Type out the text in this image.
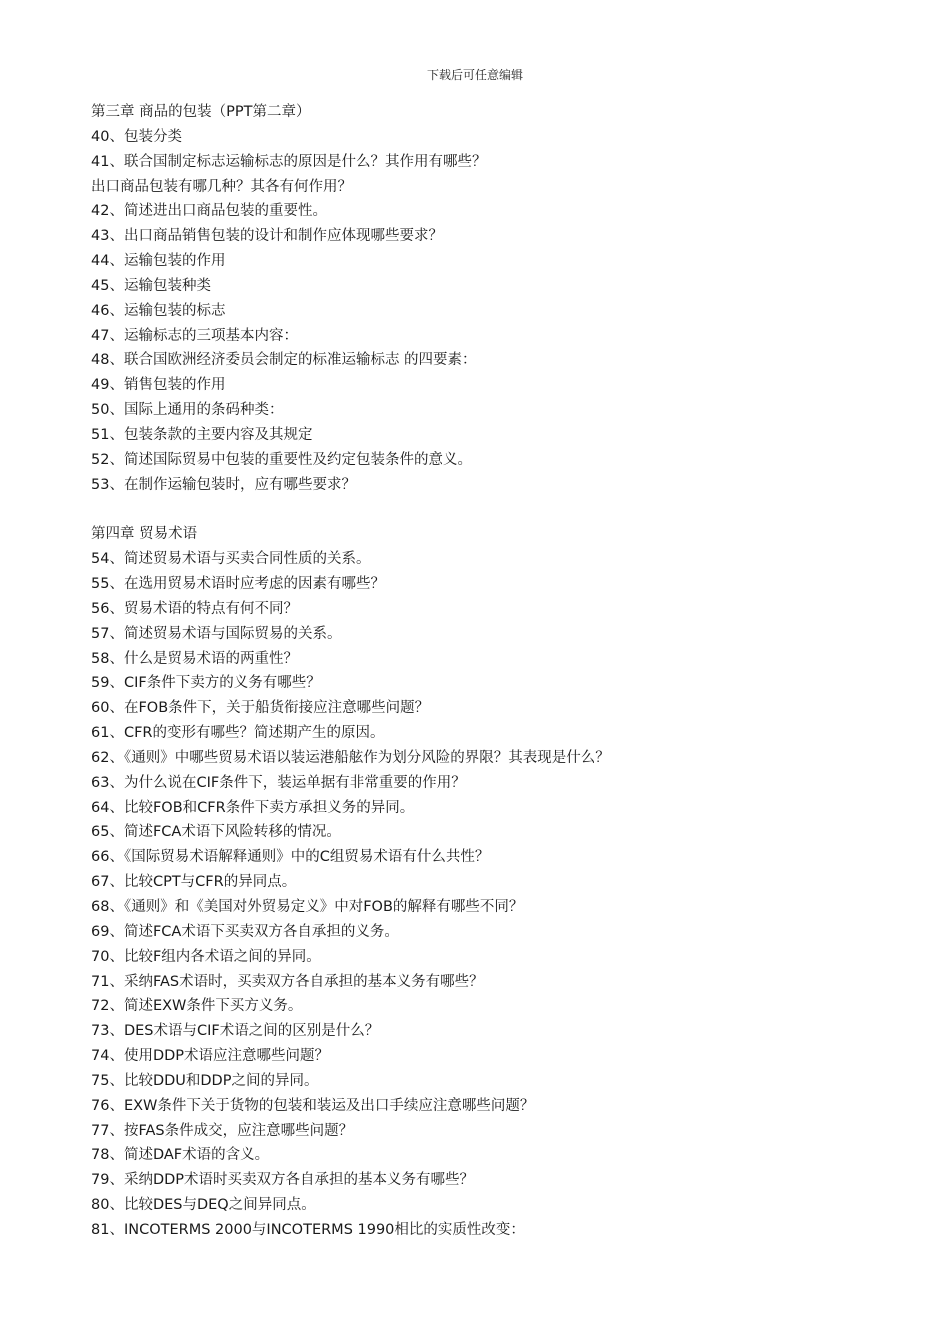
下载后可任意编辑
第三章 商品的包装（PPT第二章）
40、包装分类
41、联合国制定标志运输标志的原因是什么？其作用有哪些？
出口商品包装有哪几种？其各有何作用？
42、简述进出口商品包装的重要性。
43、出口商品销售包装的设计和制作应体现哪些要求？
44、运输包装的作用
45、运输包装种类
46、运输包装的标志
47、运输标志的三项基本内容：
48、联合国欧洲经济委员会制定的标准运输标志 的四要素：
49、销售包装的作用
50、国际上通用的条码种类：
51、包装条款的主要内容及其规定
52、简述国际贸易中包装的重要性及约定包装条件的意义。
53、在制作运输包装时，应有哪些要求？
第四章 贸易术语
54、简述贸易术语与买卖合同性质的关系。
55、在选用贸易术语时应考虑的因素有哪些？
56、贸易术语的特点有何不同？
57、简述贸易术语与国际贸易的关系。
58、什么是贸易术语的两重性？
59、CIF条件下卖方的义务有哪些？
60、在FOB条件下，关于船货衔接应注意哪些问题？
61、CFR的变形有哪些？简述期产生的原因。
62、《通则》中哪些贸易术语以装运港船舷作为划分风险的界限？其表现是什么？
63、为什么说在CIF条件下，装运单据有非常重要的作用？
64、比较FOB和CFR条件下卖方承担义务的异同。
65、简述FCA术语下风险转移的情况。
66、《国际贸易术语解释通则》中的C组贸易术语有什么共性？
67、比较CPT与CFR的异同点。
68、《通则》和《美国对外贸易定义》中对FOB的解释有哪些不同？
69、简述FCA术语下买卖双方各自承担的义务。
70、比较F组内各术语之间的异同。
71、采纳FAS术语时，买卖双方各自承担的基本义务有哪些？
72、简述EXW条件下买方义务。
73、DES术语与CIF术语之间的区别是什么？
74、使用DDP术语应注意哪些问题？
75、比较DDU和DDP之间的异同。
76、EXW条件下关于货物的包装和装运及出口手续应注意哪些问题？
77、按FAS条件成交，应注意哪些问题？
78、简述DAF术语的含义。
79、采纳DDP术语时买卖双方各自承担的基本义务有哪些？
80、比较DES与DEQ之间异同点。
81、INCOTERMS 2000与INCOTERMS 1990相比的实质性改变：
